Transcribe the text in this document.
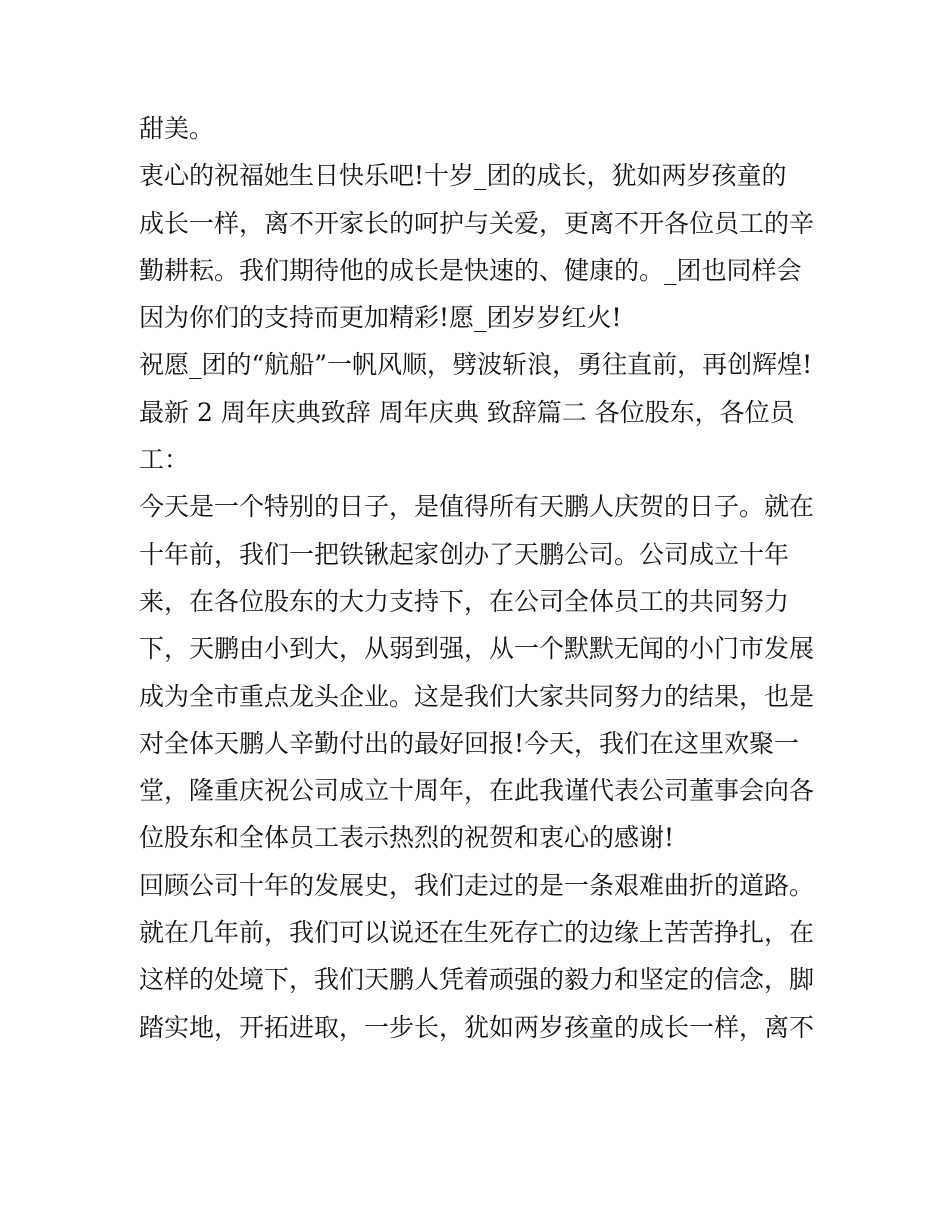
甜美。
衷心的祝福她生日快乐吧!十岁_团的成长，犹如两岁孩童的
成长一样，离不开家长的呵护与关爱，更离不开各位员工的辛
勤耕耘。我们期待他的成长是快速的、健康的。_团也同样会
因为你们的支持而更加精彩!愿_团岁岁红火!
祝愿_团的“航船”一帆风顺，劈波斩浪，勇往直前，再创辉煌!
最新 2 周年庆典致辞 周年庆典 致辞篇二 各位股东，各位员
工：
今天是一个特别的日子，是值得所有天鹏人庆贺的日子。就在
十年前，我们一把铁锹起家创办了天鹏公司。公司成立十年
来，在各位股东的大力支持下，在公司全体员工的共同努力
下，天鹏由小到大，从弱到强，从一个默默无闻的小门市发展
成为全市重点龙头企业。这是我们大家共同努力的结果，也是
对全体天鹏人辛勤付出的最好回报!今天，我们在这里欢聚一
堂，隆重庆祝公司成立十周年，在此我谨代表公司董事会向各
位股东和全体员工表示热烈的祝贺和衷心的感谢!
回顾公司十年的发展史，我们走过的是一条艰难曲折的道路。
就在几年前，我们可以说还在生死存亡的边缘上苦苦挣扎，在
这样的处境下，我们天鹏人凭着顽强的毅力和坚定的信念，脚
踏实地，开拓进取，一步长，犹如两岁孩童的成长一样，离不
